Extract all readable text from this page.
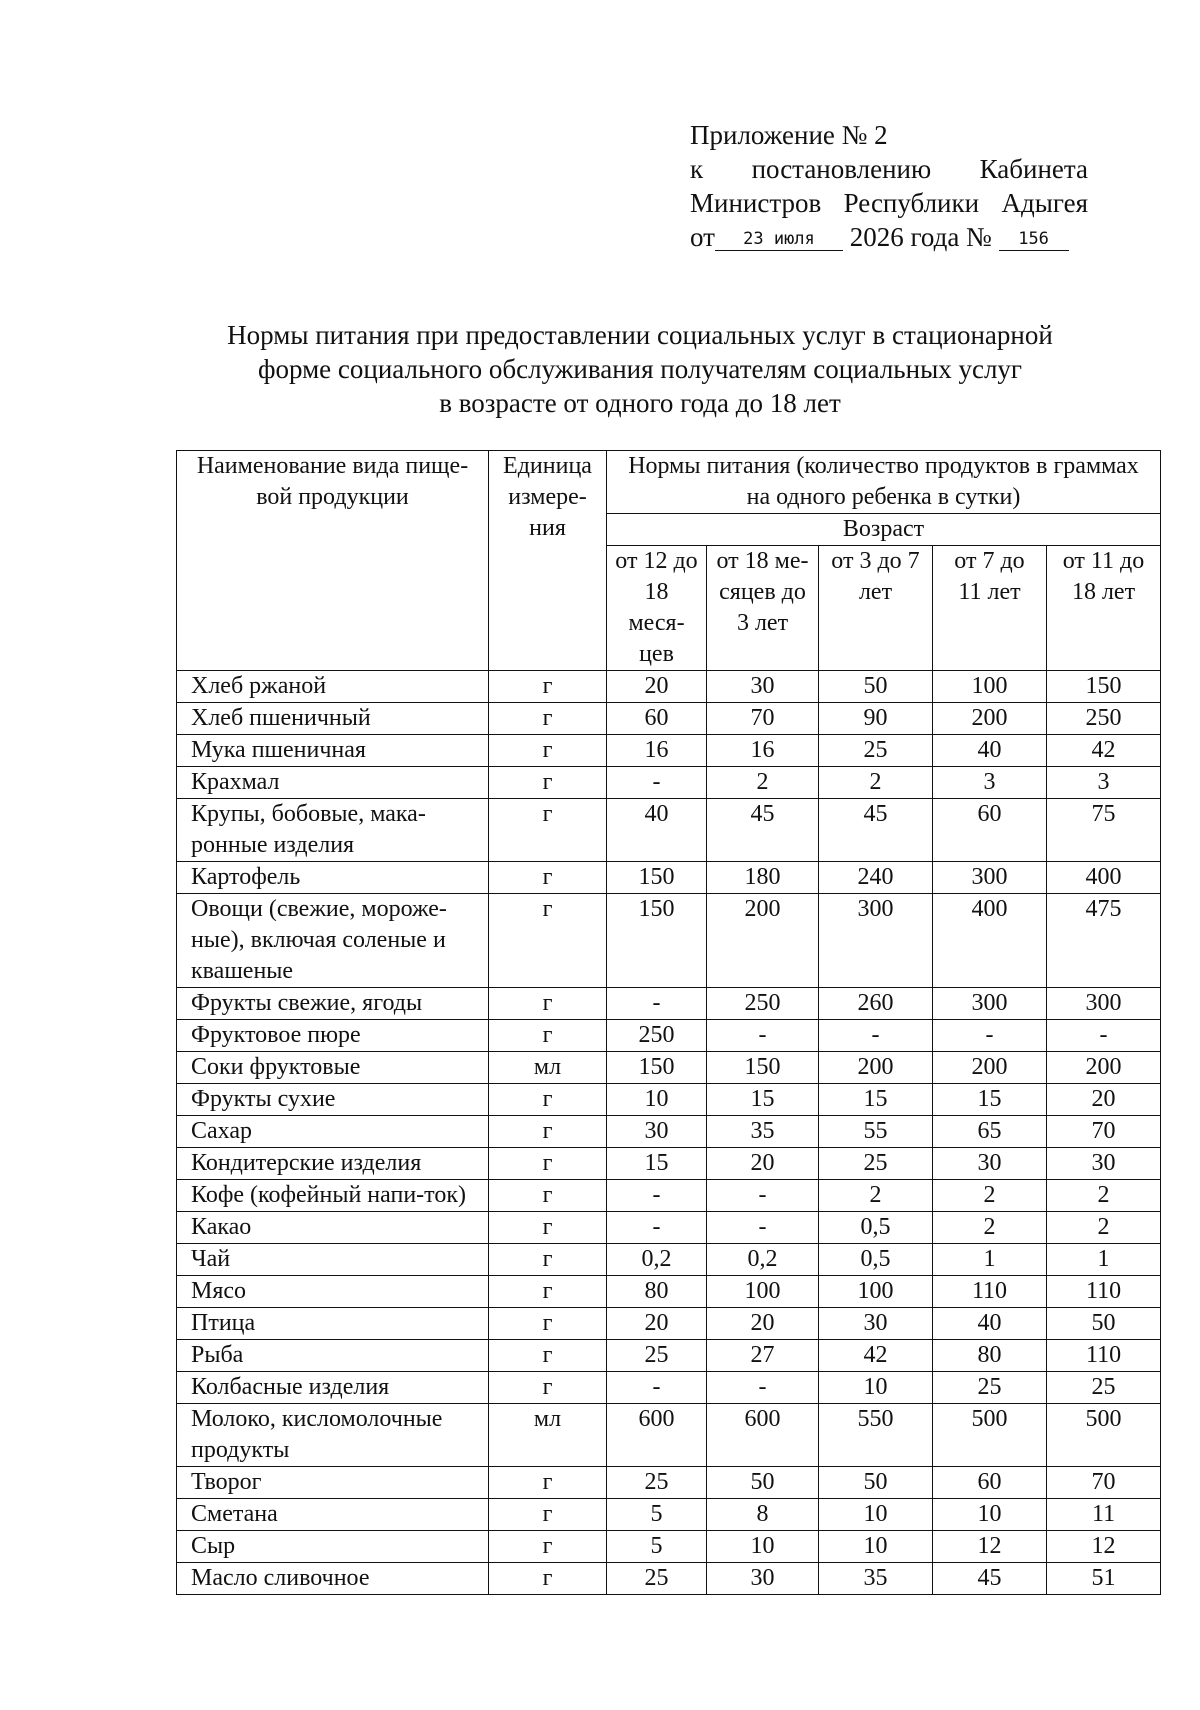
Приложение № 2
к постановлению Кабинета
Министров Республики Адыгея
от 23 июля 2026 года № 156
Нормы питания при предоставлении социальных услуг в стационарной
форме социального обслуживания получателям социальных услуг
в возрасте от одного года до 18 лет
Наименование вида пище-вой продукции	Единица измере-ния	Нормы питания (количество продуктов в граммах на одного ребенка в сутки)				
		Возраст				
		от 12 до 18 меся-цев	от 18 ме-сяцев до 3 лет	от 3 до 7 лет	от 7 до 11 лет	от 11 до 18 лет
Хлеб ржаной	г	20	30	50	100	150
Хлеб пшеничный	г	60	70	90	200	250
Мука пшеничная	г	16	16	25	40	42
Крахмал	г	-	2	2	3	3
Крупы, бобовые, мака-ронные изделия	г	40	45	45	60	75
Картофель	г	150	180	240	300	400
Овощи (свежие, мороже-ные), включая соленые и квашеные	г	150	200	300	400	475
Фрукты свежие, ягоды	г	-	250	260	300	300
Фруктовое пюре	г	250	-	-	-	-
Соки фруктовые	мл	150	150	200	200	200
Фрукты сухие	г	10	15	15	15	20
Сахар	г	30	35	55	65	70
Кондитерские изделия	г	15	20	25	30	30
Кофе (кофейный напи-ток)	г	-	-	2	2	2
Какао	г	-	-	0,5	2	2
Чай	г	0,2	0,2	0,5	1	1
Мясо	г	80	100	100	110	110
Птица	г	20	20	30	40	50
Рыба	г	25	27	42	80	110
Колбасные изделия	г	-	-	10	25	25
Молоко, кисломолочные продукты	мл	600	600	550	500	500
Творог	г	25	50	50	60	70
Сметана	г	5	8	10	10	11
Сыр	г	5	10	10	12	12
Масло сливочное	г	25	30	35	45	51
